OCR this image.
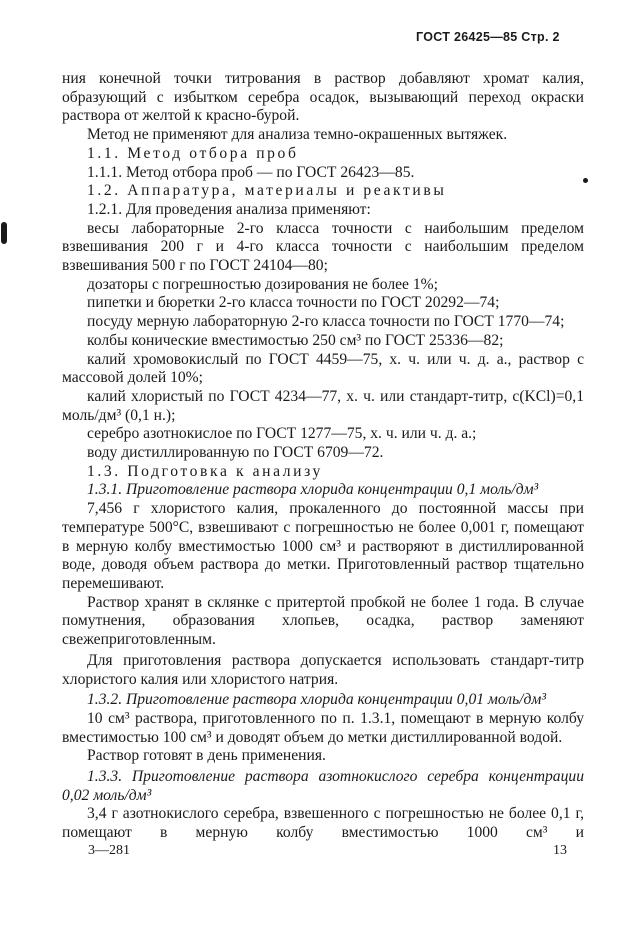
ГОСТ 26425—85 Стр. 2

ния конечной точки титрования в раствор добавляют хромат калия, образующий с избытком серебра осадок, вызывающий переход окраски раствора от желтой к красно-бурой.

Метод не применяют для анализа темно-окрашенных вытяжек.

1.1. Метод отбора проб

1.1.1. Метод отбора проб — по ГОСТ 26423—85.

1.2. Аппаратура, материалы и реактивы

1.2.1. Для проведения анализа применяют:

весы лабораторные 2-го класса точности с наибольшим пределом взвешивания 200 г и 4-го класса точности с наибольшим пределом взвешивания 500 г по ГОСТ 24104—80;

дозаторы с погрешностью дозирования не более 1%;

пипетки и бюретки 2-го класса точности по ГОСТ 20292—74;

посуду мерную лабораторную 2-го класса точности по ГОСТ 1770—74;

колбы конические вместимостью 250 см³ по ГОСТ 25336—82;

калий хромовокислый по ГОСТ 4459—75, х. ч. или ч. д. а., раствор с массовой долей 10%;

калий хлористый по ГОСТ 4234—77, х. ч. или стандарт-титр, c(KCl)=0,1 моль/дм³ (0,1 н.);

серебро азотнокислое по ГОСТ 1277—75, х. ч. или ч. д. а.;

воду дистиллированную по ГОСТ 6709—72.

1.3. Подготовка к анализу

1.3.1. Приготовление раствора хлорида концентрации 0,1 моль/дм³

7,456 г хлористого калия, прокаленного до постоянной массы при температуре 500°С, взвешивают с погрешностью не более 0,001 г, помещают в мерную колбу вместимостью 1000 см³ и растворяют в дистиллированной воде, доводя объем раствора до метки. Приготовленный раствор тщательно перемешивают.

Раствор хранят в склянке с притертой пробкой не более 1 года. В случае помутнения, образования хлопьев, осадка, раствор заменяют свежеприготовленным.

Для приготовления раствора допускается использовать стандарт-титр хлористого калия или хлористого натрия.

1.3.2. Приготовление раствора хлорида концентрации 0,01 моль/дм³

10 см³ раствора, приготовленного по п. 1.3.1, помещают в мерную колбу вместимостью 100 см³ и доводят объем до метки дистиллированной водой.

Раствор готовят в день применения.

1.3.3. Приготовление раствора азотнокислого серебра концентрации 0,02 моль/дм³

3,4 г азотнокислого серебра, взвешенного с погрешностью не более 0,1 г, помещают в мерную колбу вместимостью 1000 см³ и

3—281	13
